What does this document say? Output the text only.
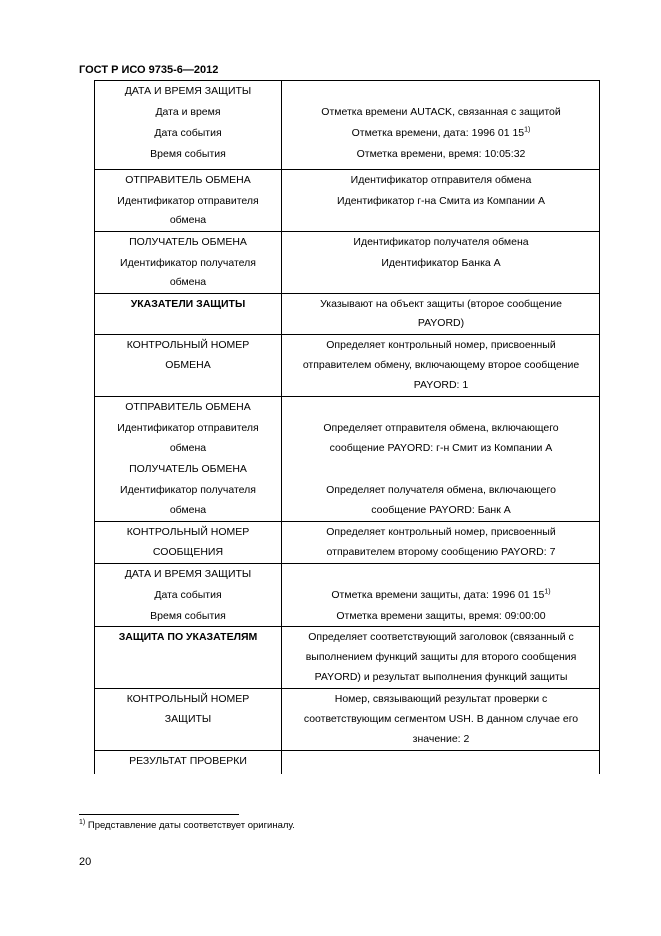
ГОСТ Р ИСО 9735-6—2012
ДАТА И ВРЕМЯ ЗАЩИТЫ
Дата и время
Дата события
Время события
Отметка времени AUTACK, связанная с защитой
Отметка времени, дата: 1996 01 15$^{1)}$
Отметка времени, время: 10:05:32
ОТПРАВИТЕЛЬ ОБМЕНА
Идентификатор отправителя
обмена
Идентификатор отправителя обмена
Идентификатор г-на Смита из Компании А
ПОЛУЧАТЕЛЬ ОБМЕНА
Идентификатор получателя
обмена
Идентификатор получателя обмена
Идентификатор Банка А
УКАЗАТЕЛИ ЗАЩИТЫ	Указывают на объект защиты (второе сообщение
PAYORD)
КОНТРОЛЬНЫЙ НОМЕР
ОБМЕНА
Определяет контрольный номер, присвоенный
отправителем обмену, включающему второе сообщение
PAYORD: 1
ОТПРАВИТЕЛЬ ОБМЕНА
Идентификатор отправителя
обмена
ПОЛУЧАТЕЛЬ ОБМЕНА
Идентификатор получателя
обмена
Определяет отправителя обмена, включающего
сообщение PAYORD: г-н Смит из Компании А
Определяет получателя обмена, включающего
сообщение PAYORD: Банк А
КОНТРОЛЬНЫЙ НОМЕР
СООБЩЕНИЯ
Определяет контрольный номер, присвоенный
отправителем второму сообщению PAYORD: 7
ДАТА И ВРЕМЯ ЗАЩИТЫ
Дата события
Время события
Отметка времени защиты, дата: 1996 01 15$^{1)}$
Отметка времени защиты, время: 09:00:00
ЗАЩИТА ПО УКАЗАТЕЛЯМ	Определяет соответствующий заголовок (связанный с
выполнением функций защиты для второго сообщения
PAYORD) и результат выполнения функций защиты
КОНТРОЛЬНЫЙ НОМЕР
ЗАЩИТЫ
Номер, связывающий результат проверки с
соответствующим сегментом USH. В данном случае его
значение: 2
РЕЗУЛЬТАТ ПРОВЕРКИ
$^{1)}$ Представление даты соответствует оригиналу.
20
